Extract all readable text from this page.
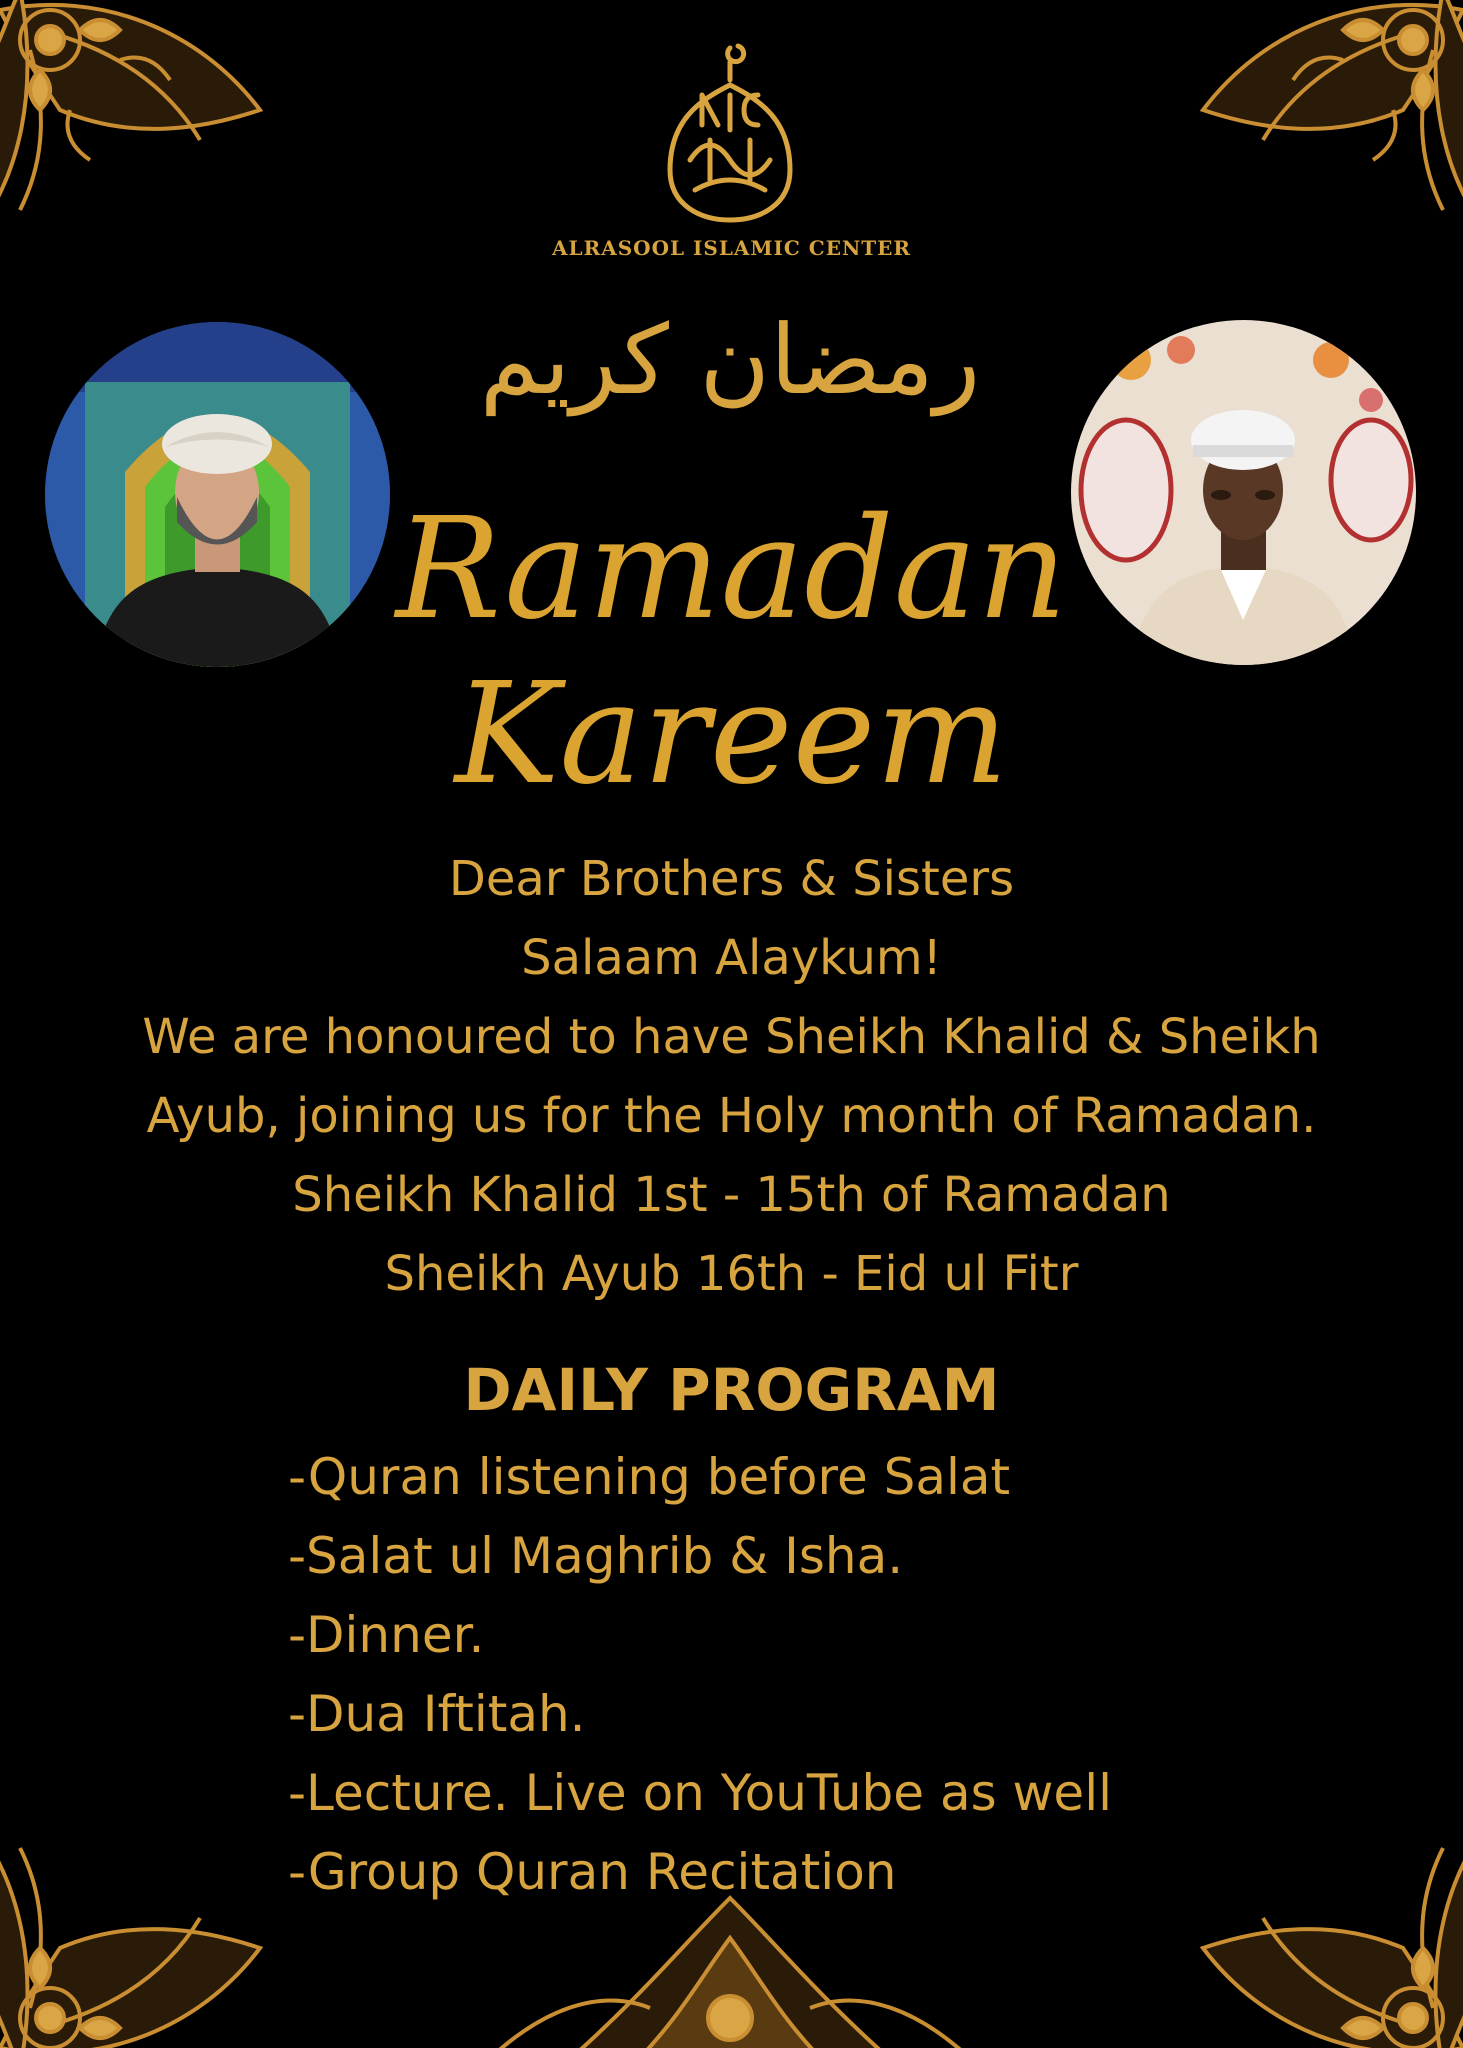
ALRASOOL ISLAMIC CENTER
رمضان كريم
Ramadan
Kareem
Dear Brothers & Sisters
Salaam Alaykum!
We are honoured to have Sheikh Khalid & Sheikh
Ayub, joining us for the Holy month of Ramadan.
Sheikh Khalid 1st - 15th of Ramadan
Sheikh Ayub 16th - Eid ul Fitr
DAILY PROGRAM
-Quran listening before Salat
-Salat ul Maghrib & Isha.
-Dinner.
-Dua Iftitah.
-Lecture. Live on YouTube as well
-Group Quran Recitation
